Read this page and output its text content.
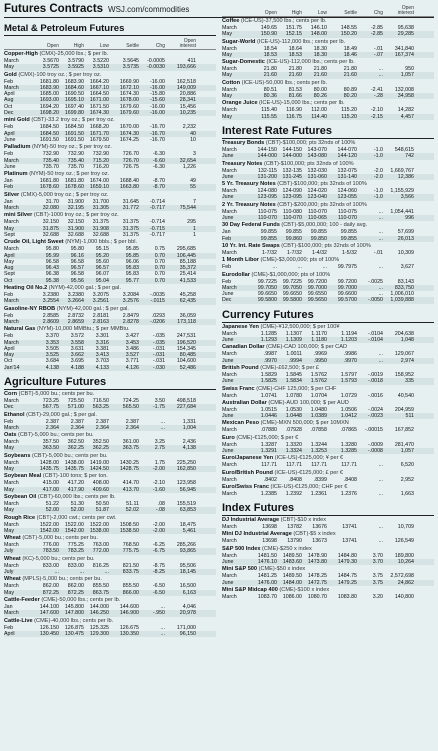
Futures Contracts WSJ.com/commodities
Metal & Petroleum Futures
Open	High	Low	Settle	Chg
Open
interest
Copper-High (CMX)-25,000 lbs.; $ per lb.
March	3.5670	3.5790	3.5220	3.5645	-0.0005	411
May	3.5725	3.5925	3.5310	3.5735	-0.0030	193,666
Gold (CMX)-100 troy oz.; $ per troy oz.
Feb	1681.80	1683.90	1664.20	1669.90	-16.00	162,518
March	1683.90	1684.60	1667.10	1672.10	-16.00	149,009
April	1685.00	1690.50	1664.50	1674.30	-15.80	20,886
Aug	1693.00	1695.10	1671.00	1678.00	-15.60	28,341
Oct	1694.20	1697.40	1671.50	1679.60	-16.00	15,456
Dec	1698.20	1699.80	1674.30	1679.60	-16.00	10,235
mini Gold (CBT)-33.2 troy oz.; $ per troy oz.
Feb	1684.50	1684.50	1668.20	1670.00	-16.70	2,232
April	1684.50	1691.50	1671.70	1674.30	-16.70	40
June	1691.50	1691.50	1679.50	1674.25	-16.70	10
Palladium (NYM)-50 troy oz.; $ per troy oz.
Feb	732.90	732.90	732.90	726.70	-6.30	3
March	735.40	735.40	715.20	726.70	-6.60	32,654
June	735.70	735.70	716.20	726.75	-6.30	1,226
Platinum (NYM)-50 troy oz.; $ per troy oz.
Jan	1681.80	1681.80	1674.00	1688.40	-8.70	49
Feb	1678.60	1678.60	1659.10	1663.80	-8.70	55
Silver (CMX)-5,000 troy oz.; $ per troy oz.
Jan	31.70	31.900	31.700	31.645	-0.714	7
March	32.080	32.195	31.305	31.772	-0.717	75,544
mini Silver (CBT)-1000 troy oz.; $ per troy oz.
March	32.150	32.150	31.375	31.375	-0.714	295
May	31.875	31.900	31.908	31.375	-0.715	1
Sept	32.688	32.688	32.688	31.375	-0.717	1
Crude Oil, Light Sweet (NYM)-1,000 bbls.; $ per bbl.
March	95.80	95.80	95.15	95.85	0.75	295,685
April	95.99	96.16	95.20	95.85	0.70	106,445
May	96.58	96.58	95.60	96.06	0.70	85,188
Aug	96.43	96.57	96.57	95.83	0.70	35,372
Sept	96.38	96.58	96.07	95.83	0.70	25,414
Oct	95.38	95.56	95.04	95.77	0.70	41,533
Heating Oil No.2 (NYM)-42,000 gal.; $ per gal.
Feb	3.2380	3.2380	3.2075	3.2084	-.0035	45,258
March	3.2554	3.2664	3.2561	3.2576	-.0115	62,435
Gasoline-NY RBOB (NYM)-42,000 gal.; $ per gal.
Feb	2.8585	2.8732	2.8181	2.8479	.0293	36,059
March	2.8609	2.8659	2.8163	2.8278	-.0206	173,118
Natural Gas (NYM)-10,000 MMBtu.; $ per MMBtu.
Feb	3.370	3.572	3.301	3.427	-.035	247,531
March	3.353	3.558	3.316	3.453	-.035	196,520
April	3.505	3.631	3.381	3.486	-.031	154,345
May	3.525	3.662	3.413	3.527	-.031	80,485
Oct	3.684	3.695	3.703	3.771	-.031	104,600
Jan'14	4.138	4.188	4.133	4.126	-.030	52,486
Agriculture Futures
Corn (CBT)-5,000 bu.; cents per bu.
March	723.25	725.50	716.50	724.25	3.50	498,518
Dec	567.75	571.00	563.25	565.50	-1.75	227,684
Ethanol (CBT)-29,000 gal.; $ per gal.
Feb	2.387	2.387	2.387	2.387	...	1,331
March	2.364	2.364	2.364	2.364	...	1,004
Oats (CBT)-5,000 bu.; cents per bu.
March	357.50	362.50	352.50	361.00	3.25	2,436
May	363.50	362.25	362.25	363.75	2.75	4,138
Soybeans (CBT)-5,000 bu.; cents per bu.
March	1428.00	1438.00	1419.00	1430.25	1.75	225,250
May	1435.75	1435.75	1424.50	1428.75	-2.00	162,850
Soybean Meal (CBT)-100 tons; $ per ton.
March	415.00	417.20	408.00	414.70	-2.10	123,958
May	417.00	417.90	409.60	413.70	-1.60	56,945
Soybean Oil (CBT)-60,000 lbs.; cents per lb.
March	51.22	51.30	50.50	51.11	.08	155,519
May	52.00	52.00	51.87	52.02	-.08	63,853
Rough Rice (CBT)-2,000 cwt.; cents per cwt.
March	1522.00	1522.00	1522.00	1508.50	-2.00	18,475
May	1542.00	1542.00	1538.00	1538.50	-2.00	5,461
Wheat (CBT)-5,000 bu.; cents per bu.
March	776.00	775.25	763.00	768.50	-6.25	285,266
July	783.50	783.25	772.00	775.75	-6.75	93,865
Wheat (KC)-5,000 bu.; cents per bu.
March	833.00	833.00	816.25	821.50	-8.75	95,506
July	...	...	...	833.75	-8.25	18,145
Wheat (MPLS)-5,000 bu.; cents per bu.
March	862.00	862.00	855.50	855.50	-6.50	16,500
May	872.25	872.25	863.75	866.00	-6.50	6,163
Cattle-Feeder (CME)-50,000 lbs.; cents per lb.
Jan	144.100	145.800	144.000	144.600	...	4,046
March	147.600	147.800	146.250	146.900	-.950	20,978
Cattle-Live (CME)-40,000 lbs.; cents per lb.
Feb	126.150	126.875	125.325	126.675	...	171,000
April	130.450	130.475	129.300	130.350	...	96,150
Open	High	Low	Settle	Chg
Open
interest
Coffee (ICE-US)-37,500 lbs.; cents per lb.
March	149.65	151.75	146.10	148.55	-2.85	95,638
May	150.90	152.15	148.00	150.20	-2.85	29,285
Sugar-World (ICE-US)-112,000 lbs.; cents per lb.
March	18.54	18.64	18.30	18.49	-.01	341,840
May	18.53	18.53	18.30	18.46	-.07	167,374
Sugar-Domestic (ICE-US)-112,000 lbs.; cents per lb.
March	21.80	21.80	21.80	21.80	...	950
May	21.60	21.60	21.60	21.60	...	1,057
Cotton (ICE-US)-50,000 lbs.; cents per lb.
March	80.51	81.53	80.00	80.89	-2.41	132,008
May	80.36	81.66	80.26	80.20	-.28	34,958
Orange Juice (ICE-US)-15,000 lbs.; cents per lb.
March	115.40	116.90	112.00	115.20	-2.10	14,282
May	115.55	116.75	114.40	115.20	-2.15	4,457
Interest Rate Futures
Treasury Bonds (CBT)-$100,000; pts 32nds of 100%
March	144-150	144-150	143-070	144-070	-1.0	548,615
June	144-000	144-000	143-080	144-120	-1.0	742
Treasury Notes (CBT)-$100,000; pts 32nds of 100%
March	132-115	132-135	132-030	132-075	-2.0	1,669,767
June	131-200	131-245	131-060	131-140	-2.0	12,386
5 Yr. Treasury Notes (CBT)-$100,000; pts 32nds of 100%
March	124-080	124-090	124-020	124-060	-1.0	1,155,929
June	123-095	123-095	123-040	123-055	-1.0	3,566
2 Yr. Treasury Notes (CBT)-$200,000; pts 32nds of 100%
March	110-075	110-080	110-070	110-075	...	1,054,441
June	110-070	110-070	110-065	110-070	...	996
30 Day Federal Funds (CBT)-$5,000,000; 100 - daily avg.
Jan	99.855	99.855	99.855	99.855	...	57,699
Feb	99.855	99.860	99.850	99.855	...	26,013
10 Yr. Int. Rate Swaps (CBT)-$100,000; pts 32nds of 100%
March	1-7/32	1-7/32	1-4/32	1-5/32	-.01	10,309
1 Month Libor (CME)-$3,000,000; pts of 100%
Feb	...	...	...	99.7975	...	3,627
Eurodollar (CME)-$1,000,000; pts of 100%
Feb	99.7225	99.7225	99.7200	99.7200	-.0025	83,143
March	99.7050	99.7050	99.7000	99.7000	...	833,750
June	99.6650	99.6650	99.6550	99.6600	...	1,006,010
Dec	99.5800	99.5800	99.5650	99.5700	-.0050	1,039,888
Currency Futures
Japanese Yen (CME)-¥12,500,000; $ per 100¥
March	1.1285	1.1307	1.1170	1.1194	-.0104	204,638
June	1.1293	1.1309	1.1180	1.1203	-.0104	1,048
Canadian Dollar (CME)-CAD 100,000; $ per CAD
March	.9987	1.0011	.9969	.9986	...	129,067
June	.9970	.9994	.9950	.9970	...	2,974
British Pound (CME)-£62,500; $ per £
March	1.5829	1.5845	1.5762	1.5797	-.0019	158,952
June	1.5825	1.5834	1.5762	1.5793	-.0018	335
Swiss Franc (CME)-CHF 125,000; $ per CHF
March	1.0741	1.0780	1.0704	1.0729	-.0016	40,540
Australian Dollar (CME)-AUD 100,000; $ per AUD
March	1.0515	1.0530	1.0480	1.0506	-.0024	204,959
June	1.0446	1.0448	1.0389	1.0412	-.0023	511
Mexican Peso (CME)-MXN 500,000; $ per 10MXN
March	.07880	.07928	.07858	.07865	-.00015	167,852
Euro (CME)-€125,000; $ per €
March	1.3287	1.3320	1.3244	1.3280	-.0009	281,470
June	1.3291	1.3324	1.3253	1.3285	-.0008	1,057
Euro/Japanese Yen (ICE-US)-€125,000; ¥ per €
March	117.71	117.71	117.71	117.71	...	6,520
Euro/British Pound (ICE-US)-€125,000; £ per €
March	.8402	.8408	.8399	.8408	...	2,952
Euro/Swiss Franc (ICE-US)-€125,000; CHF per €
March	1.2385	1.2392	1.2361	1.2376	...	1,663
Index Futures
DJ Industrial Average (CBT)-$10 x index
March	13698	13782	13676	13741	...	10,709
Mini DJ Industrial Average (CBT)-$5 x index
March	13698	13790	13673	13741	...	126,549
S&P 500 Index (CME)-$250 x index
March	1481.50	1489.50	1478.90	1484.80	3.70	189,800
June	1476.10	1483.60	1473.80	1479.30	3.70	10,264
Mini S&P 500 (CME)-$50 x index
March	1481.25	1489.50	1478.25	1484.75	3.75	2,572,698
June	1476.00	1484.00	1472.75	1479.25	3.75	24,862
Mini S&P Midcap 400 (CME)-$100 x index
March	1083.70	1086.00	1080.70	1083.80	3.20	140,800
